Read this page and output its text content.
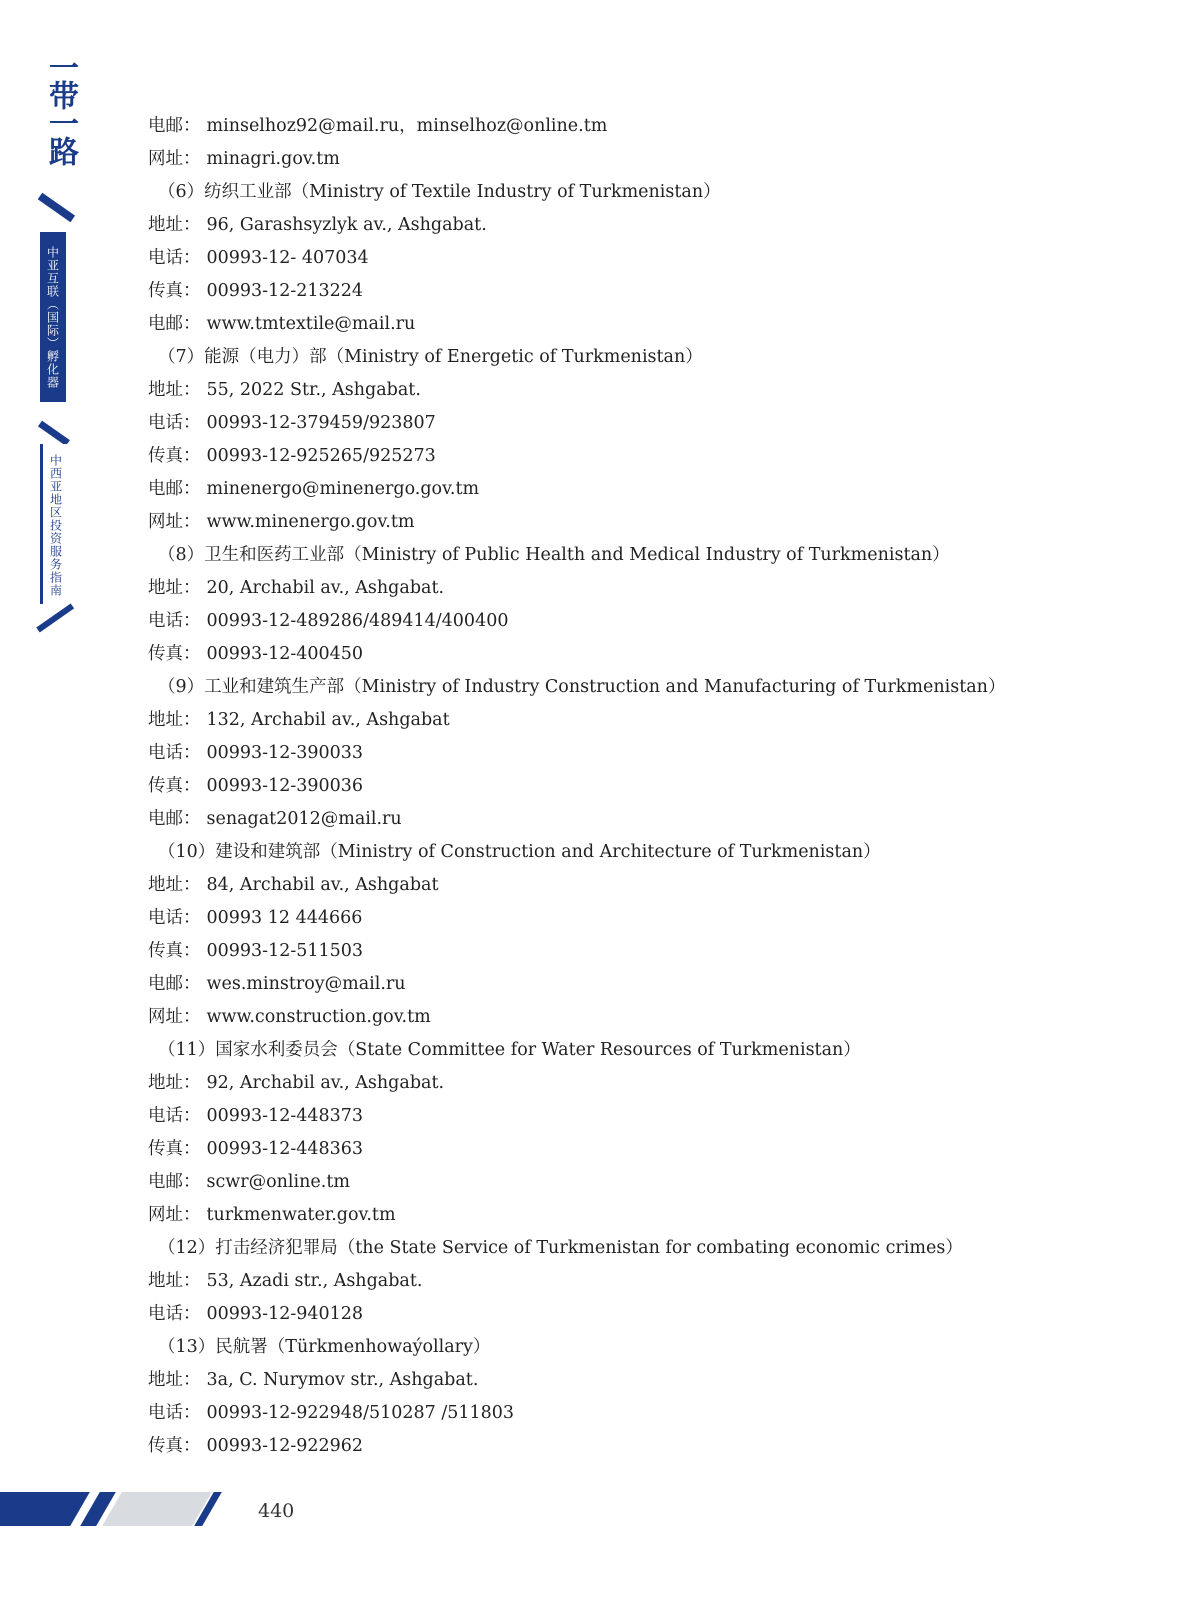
一带一路
中亚互联（国际）孵化器
中西亚地区投资服务指南
电邮： minselhoz92@mail.ru，minselhoz@online.tm
网址： minagri.gov.tm
（6）纺织工业部（Ministry of Textile Industry of Turkmenistan）
地址： 96, Garashsyzlyk av., Ashgabat.
电话： 00993-12- 407034
传真： 00993-12-213224
电邮： www.tmtextile@mail.ru
（7）能源（电力）部（Ministry of Energetic of Turkmenistan）
地址： 55, 2022 Str., Ashgabat.
电话： 00993-12-379459/923807
传真： 00993-12-925265/925273
电邮： minenergo@minenergo.gov.tm
网址： www.minenergo.gov.tm
（8）卫生和医药工业部（Ministry of Public Health and Medical Industry of Turkmenistan）
地址： 20, Archabil av., Ashgabat.
电话： 00993-12-489286/489414/400400
传真： 00993-12-400450
（9）工业和建筑生产部（Ministry of Industry Construction and Manufacturing of Turkmenistan）
地址： 132, Archabil av., Ashgabat
电话： 00993-12-390033
传真： 00993-12-390036
电邮： senagat2012@mail.ru
（10）建设和建筑部（Ministry of Construction and Architecture of Turkmenistan）
地址： 84, Archabil av., Ashgabat
电话： 00993 12 444666
传真： 00993-12-511503
电邮： wes.minstroy@mail.ru
网址： www.construction.gov.tm
（11）国家水利委员会（State Committee for Water Resources of Turkmenistan）
地址： 92, Archabil av., Ashgabat.
电话： 00993-12-448373
传真： 00993-12-448363
电邮： scwr@online.tm
网址： turkmenwater.gov.tm
（12）打击经济犯罪局（the State Service of Turkmenistan for combating economic crimes）
地址： 53, Azadi str., Ashgabat.
电话： 00993-12-940128
（13）民航署（Türkmenhowaýollary）
地址： 3a, C. Nurymov str., Ashgabat.
电话： 00993-12-922948/510287 /511803
传真： 00993-12-922962
440
